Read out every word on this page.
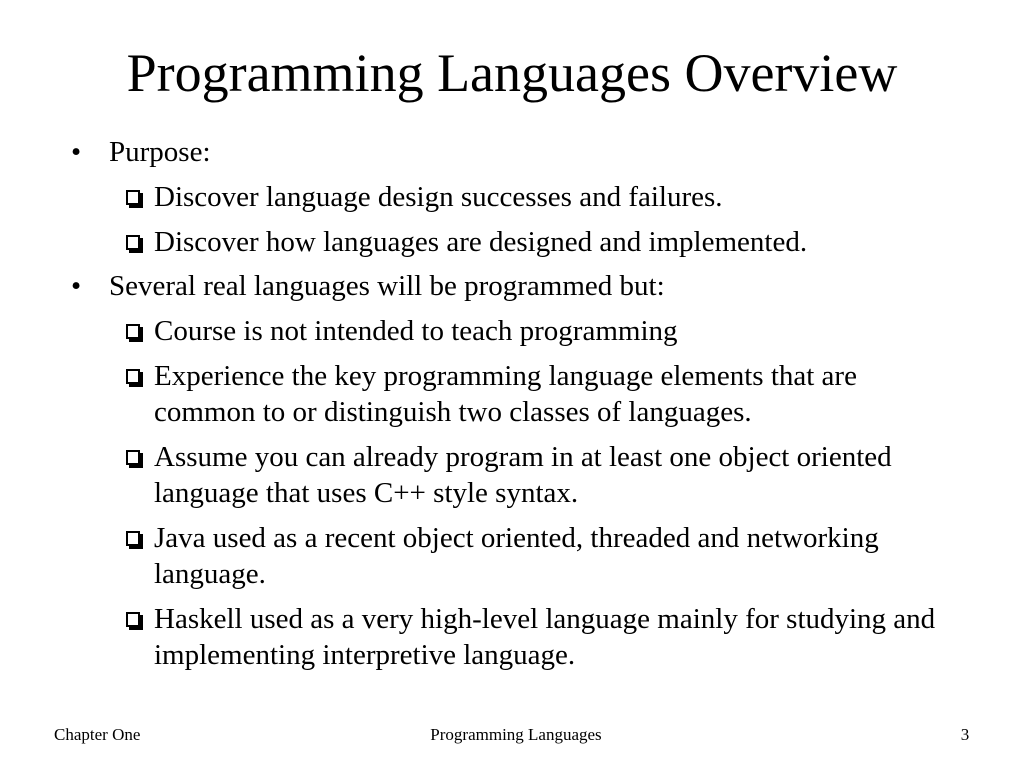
Programming Languages Overview
• Purpose:
Discover language design successes and failures.
Discover how languages are designed and implemented.
• Several real languages will be programmed but:
Course is not intended to teach programming
Experience the key programming language elements that are common to or distinguish two classes of languages.
Assume you can already program in at least one object oriented language that uses C++ style syntax.
Java used as a recent object oriented, threaded and networking language.
Haskell used as a very high-level language mainly for studying and implementing interpretive language.
Chapter One	Programming Languages	3
